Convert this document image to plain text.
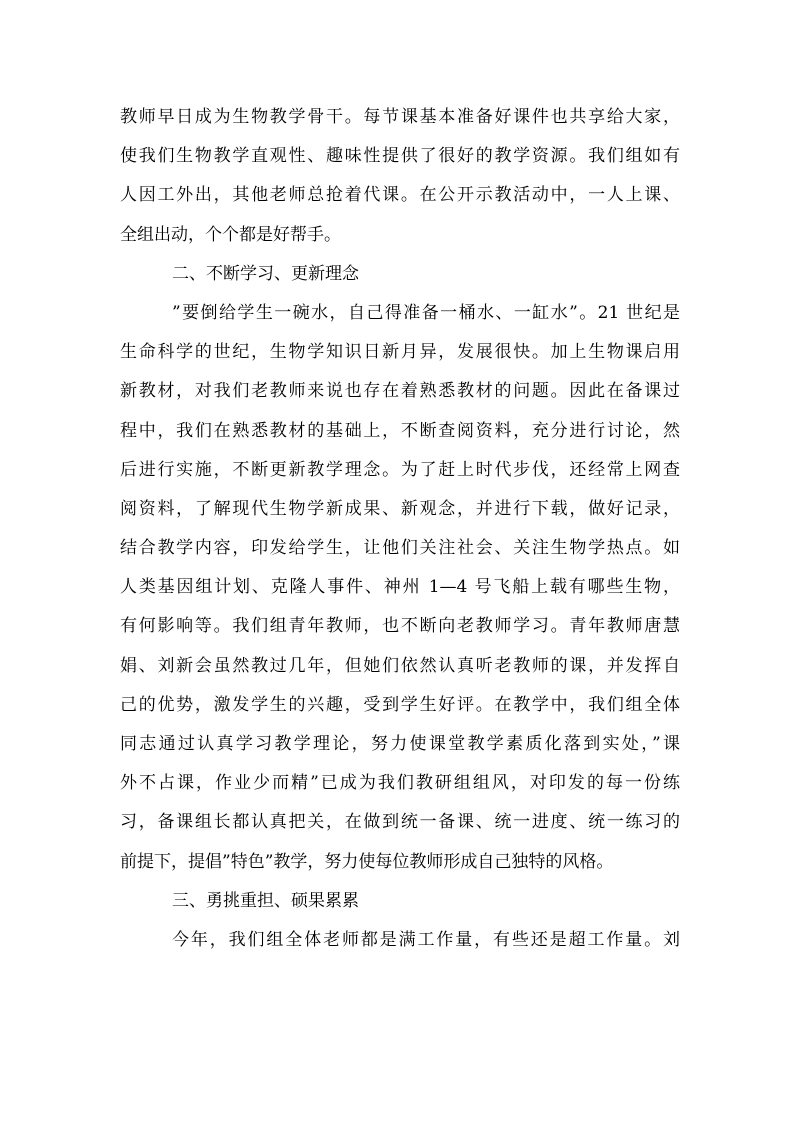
教师早日成为生物教学骨干。每节课基本准备好课件也共享给大家，
使我们生物教学直观性、趣味性提供了很好的教学资源。我们组如有
人因工外出，其他老师总抢着代课。在公开示教活动中，一人上课、
全组出动，个个都是好帮手。
二、不断学习、更新理念
”要倒给学生一碗水，自己得准备一桶水、一缸水”。21 世纪是
生命科学的世纪，生物学知识日新月异，发展很快。加上生物课启用
新教材，对我们老教师来说也存在着熟悉教材的问题。因此在备课过
程中，我们在熟悉教材的基础上，不断查阅资料，充分进行讨论，然
后进行实施，不断更新教学理念。为了赶上时代步伐，还经常上网查
阅资料，了解现代生物学新成果、新观念，并进行下载，做好记录，
结合教学内容，印发给学生，让他们关注社会、关注生物学热点。如
人类基因组计划、克隆人事件、神州 1—4 号飞船上载有哪些生物，
有何影响等。我们组青年教师，也不断向老教师学习。青年教师唐慧
娟、刘新会虽然教过几年，但她们依然认真听老教师的课，并发挥自
己的优势，激发学生的兴趣，受到学生好评。在教学中，我们组全体
同志通过认真学习教学理论，努力使课堂教学素质化落到实处，”课
外不占课，作业少而精”已成为我们教研组组风，对印发的每一份练
习，备课组长都认真把关，在做到统一备课、统一进度、统一练习的
前提下，提倡”特色”教学，努力使每位教师形成自己独特的风格。
三、勇挑重担、硕果累累
今年，我们组全体老师都是满工作量，有些还是超工作量。刘
